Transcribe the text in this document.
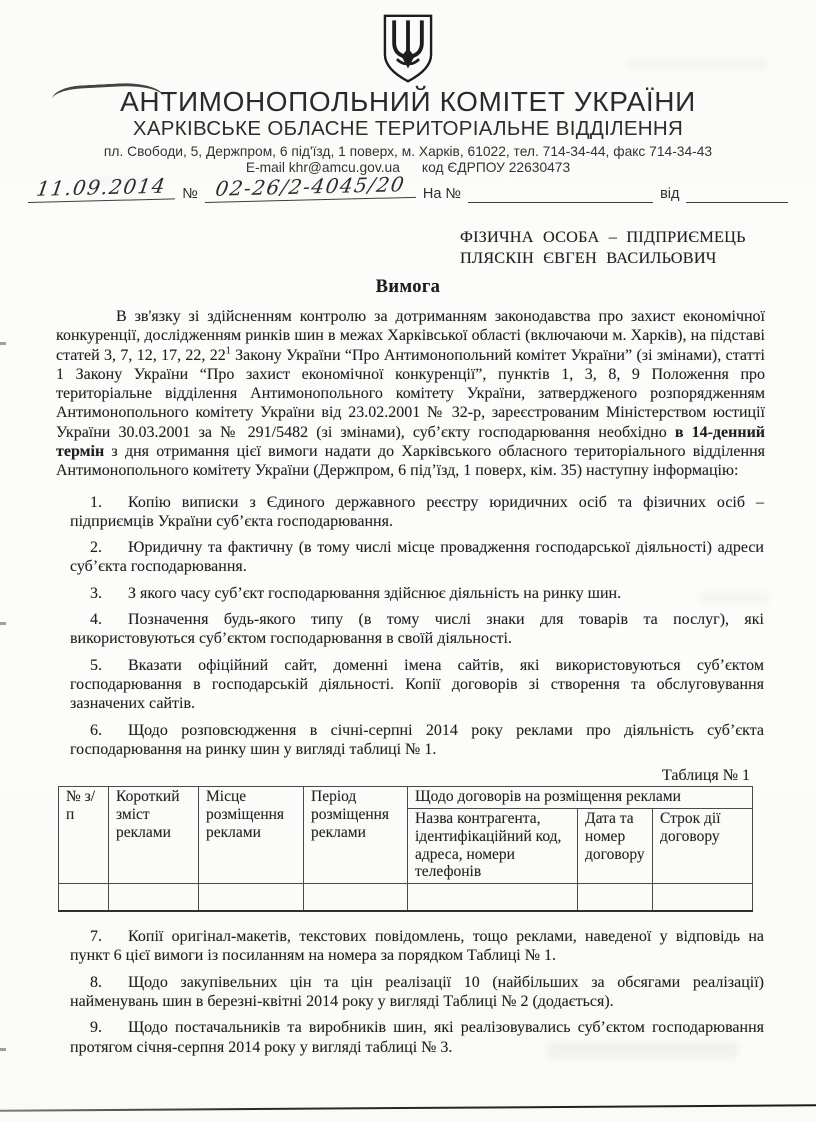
АНТИМОНОПОЛЬНИЙ КОМІТЕТ УКРАЇНИ
ХАРКІВСЬКЕ ОБЛАСНЕ ТЕРИТОРІАЛЬНЕ ВІДДІЛЕННЯ
пл. Свободи, 5, Держпром, 6 під'їзд, 1 поверх, м. Харків, 61022, тел. 714-34-44, факс 714-34-43
E-mail khr@amcu.gov.ua код ЄДРПОУ 22630473
11.09.2014 № 02-26/2-4045/20	На №	від
ФІЗИЧНА ОСОБА – ПІДПРИЄМЕЦЬ
ПЛЯСКІН ЄВГЕН ВАСИЛЬОВИЧ
Вимога

В зв'язку зі здійсненням контролю за дотриманням законодавства про захист економічної конкуренції, дослідженням ринків шин в межах Харківської області (включаючи м. Харків), на підставі статей 3, 7, 12, 17, 22, $22^1$ Закону України “Про Антимонопольний комітет України” (зі змінами), статті 1 Закону України “Про захист економічної конкуренції”, пунктів 1, 3, 8, 9 Положення про територіальне відділення Антимонопольного комітету України, затвердженого розпорядженням Антимонопольного комітету України від 23.02.2001 № 32-р, зареєстрованим Міністерством юстиції України 30.03.2001 за № 291/5482 (зі змінами), суб’єкту господарювання необхідно в 14-денний термін з дня отримання цієї вимоги надати до Харківського обласного територіального відділення Антимонопольного комітету України (Держпром, 6 під’їзд, 1 поверх, кім. 35) наступну інформацію:

1. Копію виписки з Єдиного державного реєстру юридичних осіб та фізичних осіб – підприємців України суб’єкта господарювання.

2. Юридичну та фактичну (в тому числі місце провадження господарської діяльності) адреси суб’єкта господарювання.

3. З якого часу суб’єкт господарювання здійснює діяльність на ринку шин.

4. Позначення будь-якого типу (в тому числі знаки для товарів та послуг), які використовуються суб’єктом господарювання в своїй діяльності.

5. Вказати офіційний сайт, доменні імена сайтів, які використовуються суб’єктом господарювання в господарській діяльності. Копії договорів зі створення та обслуговування зазначених сайтів.

6. Щодо розповсюдження в січні-серпні 2014 року реклами про діяльність суб’єкта господарювання на ринку шин у вигляді таблиці № 1.

Таблиця № 1
№ з/п	Короткий зміст реклами	Місце розміщення реклами	Період розміщення реклами	Щодо договорів на розміщення реклами		
				Назва контрагента, ідентифікаційний код, адреса, номери телефонів	Дата та номер договору	Строк дії договору

7. Копії оригінал-макетів, текстових повідомлень, тощо реклами, наведеної у відповідь на пункт 6 цієї вимоги із посиланням на номера за порядком Таблиці № 1.

8. Щодо закупівельних цін та цін реалізації 10 (найбільших за обсягами реалізації) найменувань шин в березні-квітні 2014 року у вигляді Таблиці № 2 (додається).

9. Щодо постачальників та виробників шин, які реалізовувались суб’єктом господарювання протягом січня-серпня 2014 року у вигляді таблиці № 3.
